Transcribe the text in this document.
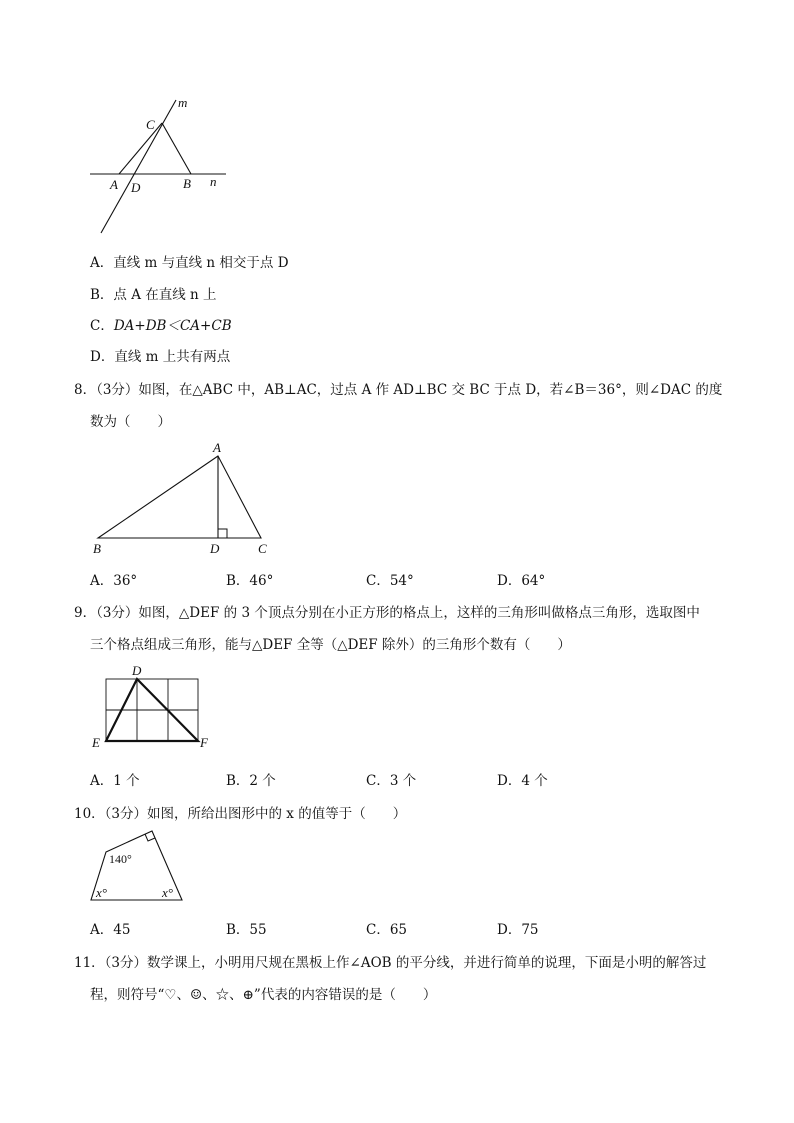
m
C
A D	B n
A．直线 m 与直线 n 相交于点 D
B．点 A 在直线 n 上
C．DA+DB＜CA+CB
D．直线 m 上共有两点
8．（3分）如图，在△ABC 中，AB⊥AC，过点 A 作 AD⊥BC 交 BC 于点 D，若∠B＝36°，则∠DAC 的度
数为（　　）
A
B	D	C
A．36°	B．46°	C．54°	D．64°
9．（3分）如图，△DEF 的 3 个顶点分别在小正方形的格点上，这样的三角形叫做格点三角形，选取图中
三个格点组成三角形，能与△DEF 全等（△DEF 除外）的三角形个数有（　　）
D
E	F
A．1 个	B．2 个	C．3 个	D．4 个
10．（3分）如图，所给出图形中的 x 的值等于（　　）
140°
x°	x°
A．45	B．55	C．65	D．75
11．（3分）数学课上，小明用尺规在黑板上作∠AOB 的平分线，并进行简单的说理，下面是小明的解答过
程，则符号“♡、☺、☆、⊕”代表的内容错误的是（　　）
